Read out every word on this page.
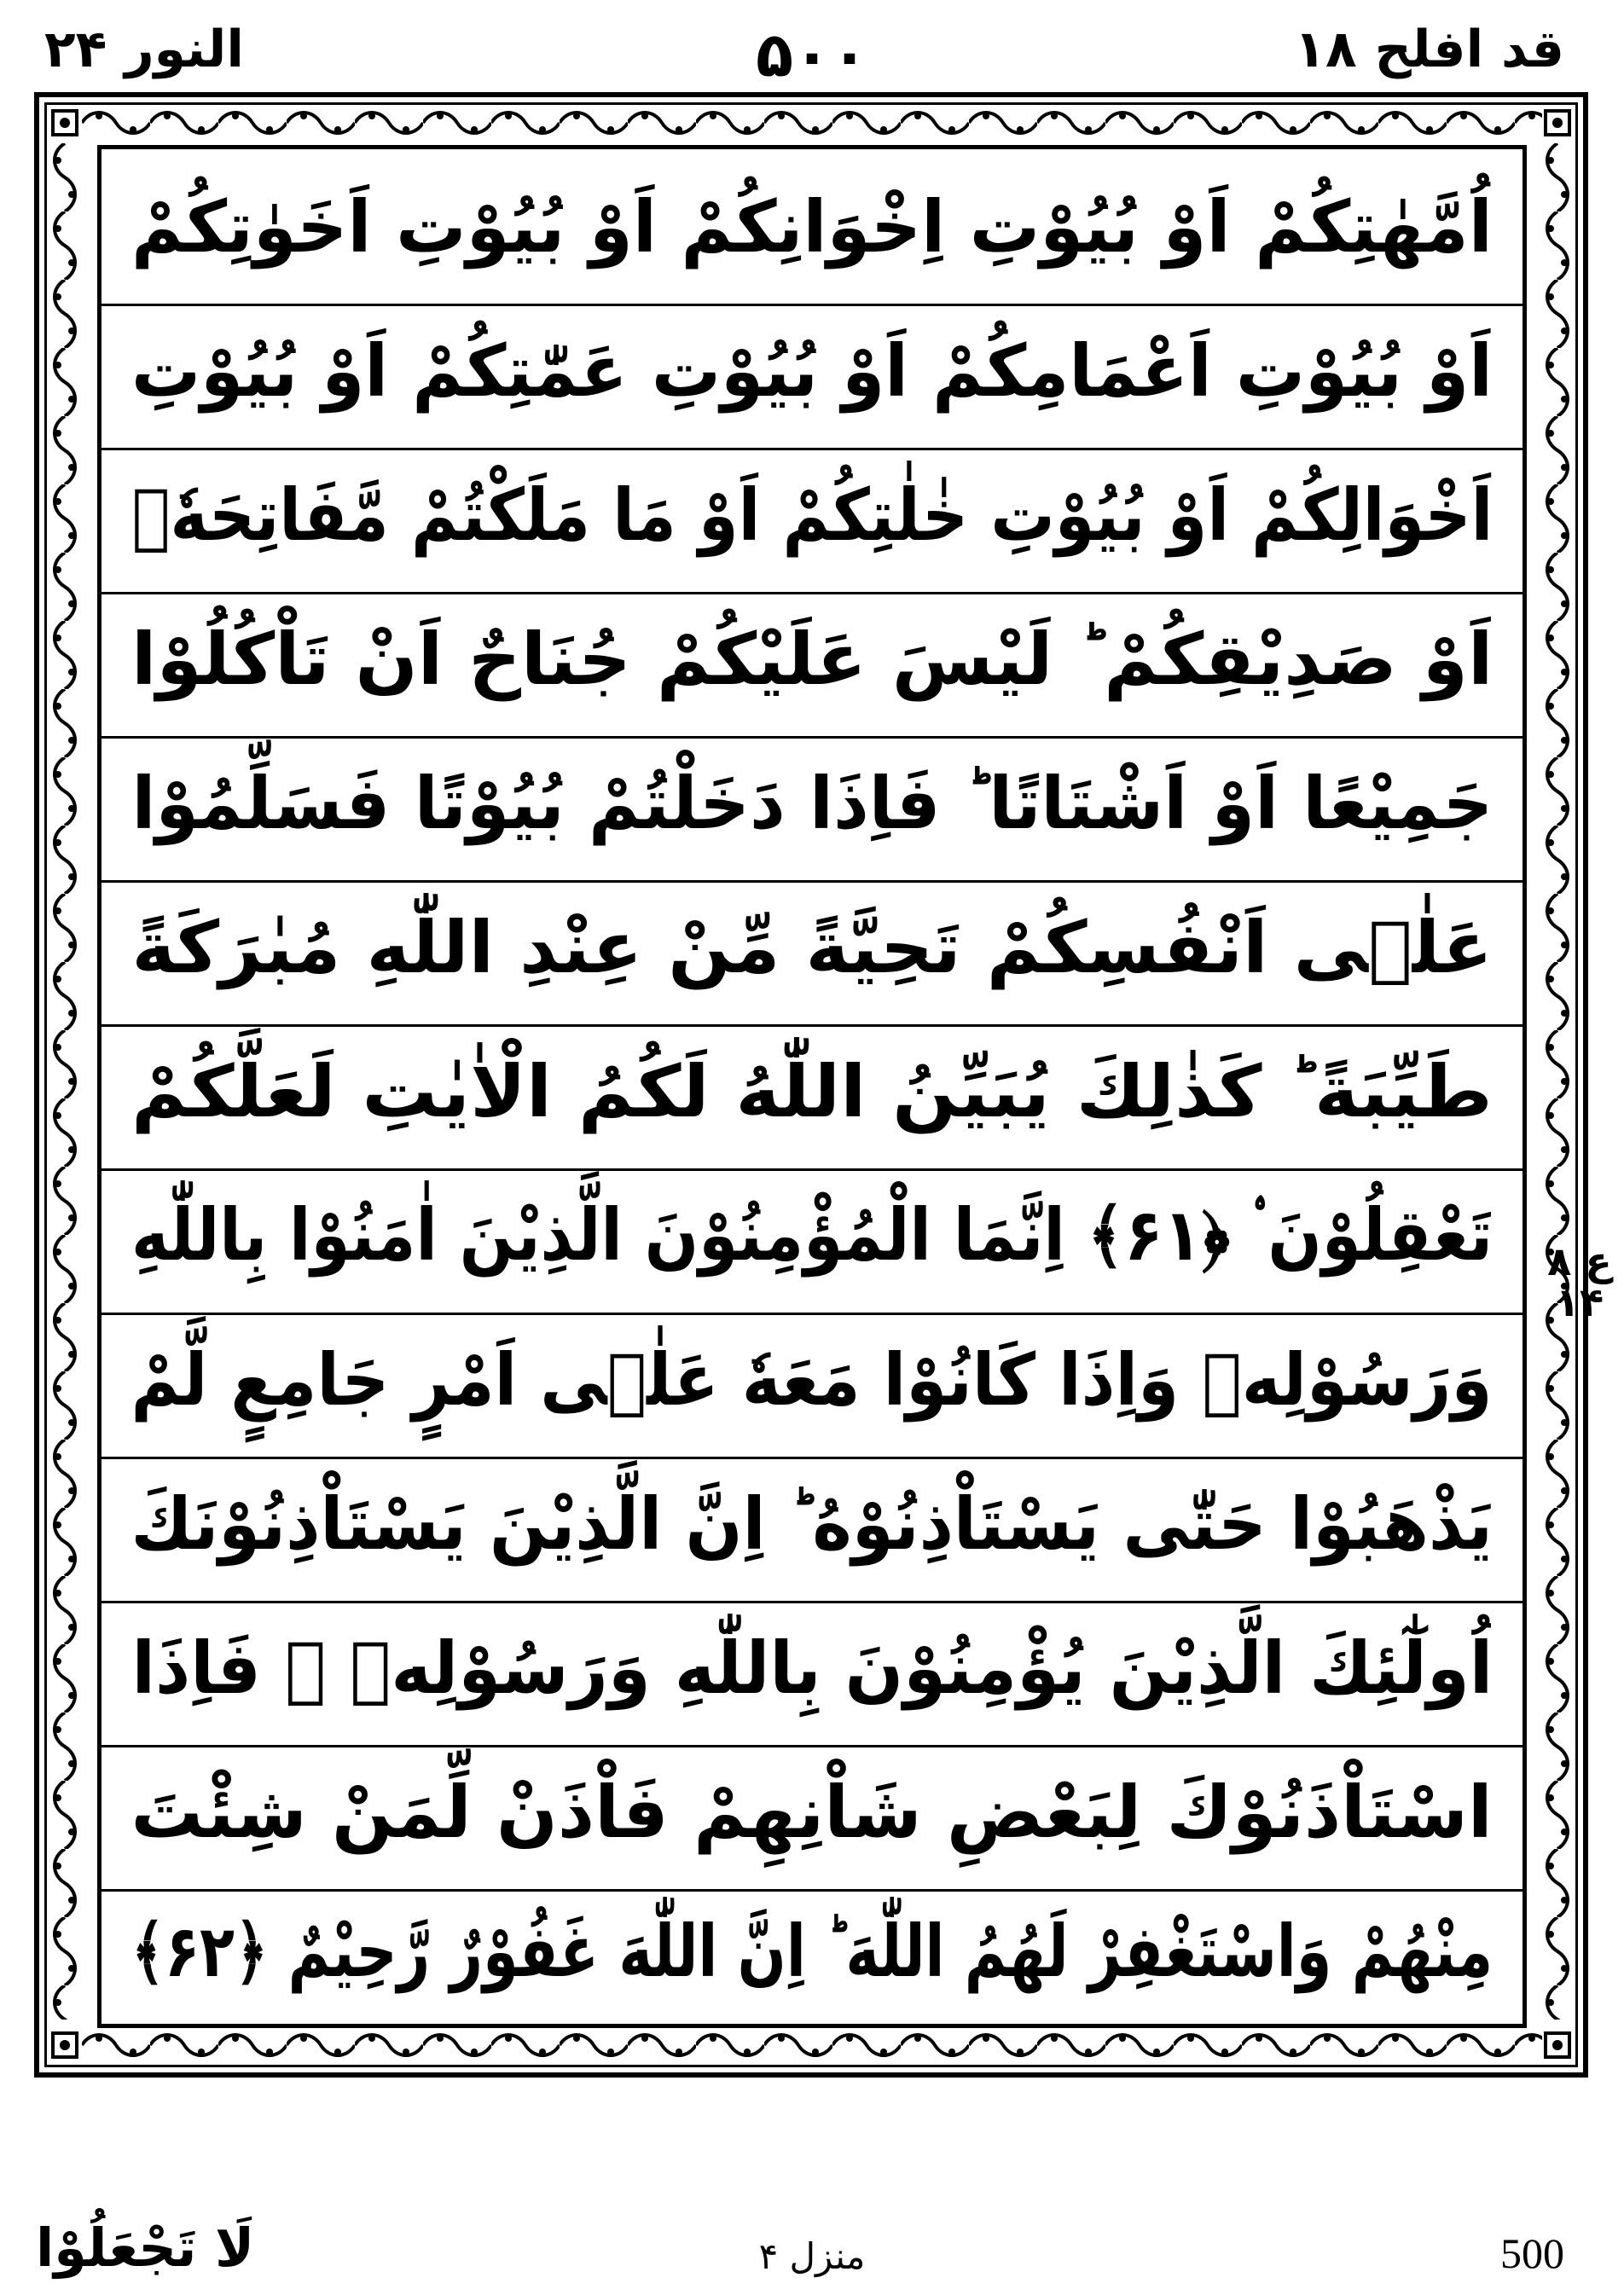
قد افلح ۱۸
۵۰۰
النور ۲۴
اُمَّهٰتِكُمْ اَوْ بُيُوْتِ اِخْوَانِكُمْ اَوْ بُيُوْتِ اَخَوٰتِكُمْ
اَوْ بُيُوْتِ اَعْمَامِكُمْ اَوْ بُيُوْتِ عَمّٰتِكُمْ اَوْ بُيُوْتِ
اَخْوَالِكُمْ اَوْ بُيُوْتِ خٰلٰتِكُمْ اَوْ مَا مَلَكْتُمْ مَّفَاتِحَهٗۤ
اَوْ صَدِيْقِكُمْ ؕ لَيْسَ عَلَيْكُمْ جُنَاحٌ اَنْ تَاْكُلُوْا
جَمِيْعًا اَوْ اَشْتَاتًا ؕ فَاِذَا دَخَلْتُمْ بُيُوْتًا فَسَلِّمُوْا
عَلٰۤى اَنْفُسِكُمْ تَحِيَّةً مِّنْ عِنْدِ اللّٰهِ مُبٰرَكَةً
طَيِّبَةً ؕ كَذٰلِكَ يُبَيِّنُ اللّٰهُ لَكُمُ الْاٰيٰتِ لَعَلَّكُمْ
تَعْقِلُوْنَ ۟ ﴿۶۱﴾ اِنَّمَا الْمُؤْمِنُوْنَ الَّذِيْنَ اٰمَنُوْا بِاللّٰهِ
وَرَسُوْلِهٖ وَاِذَا كَانُوْا مَعَهٗ عَلٰۤى اَمْرٍ جَامِعٍ لَّمْ
يَذْهَبُوْا حَتّٰى يَسْتَاْذِنُوْهُ ؕ اِنَّ الَّذِيْنَ يَسْتَاْذِنُوْنَكَ
اُولٰٓئِكَ الَّذِيْنَ يُؤْمِنُوْنَ بِاللّٰهِ وَرَسُوْلِهٖ ۚ فَاِذَا
اسْتَاْذَنُوْكَ لِبَعْضِ شَاْنِهِمْ فَاْذَنْ لِّمَنْ شِئْتَ
مِنْهُمْ وَاسْتَغْفِرْ لَهُمُ اللّٰهَ ؕ اِنَّ اللّٰهَ غَفُوْرٌ رَّحِيْمٌ ﴿۶۲﴾
ع ۸ ۱۴
لَا تَجْعَلُوْا	منزل ۴	500
